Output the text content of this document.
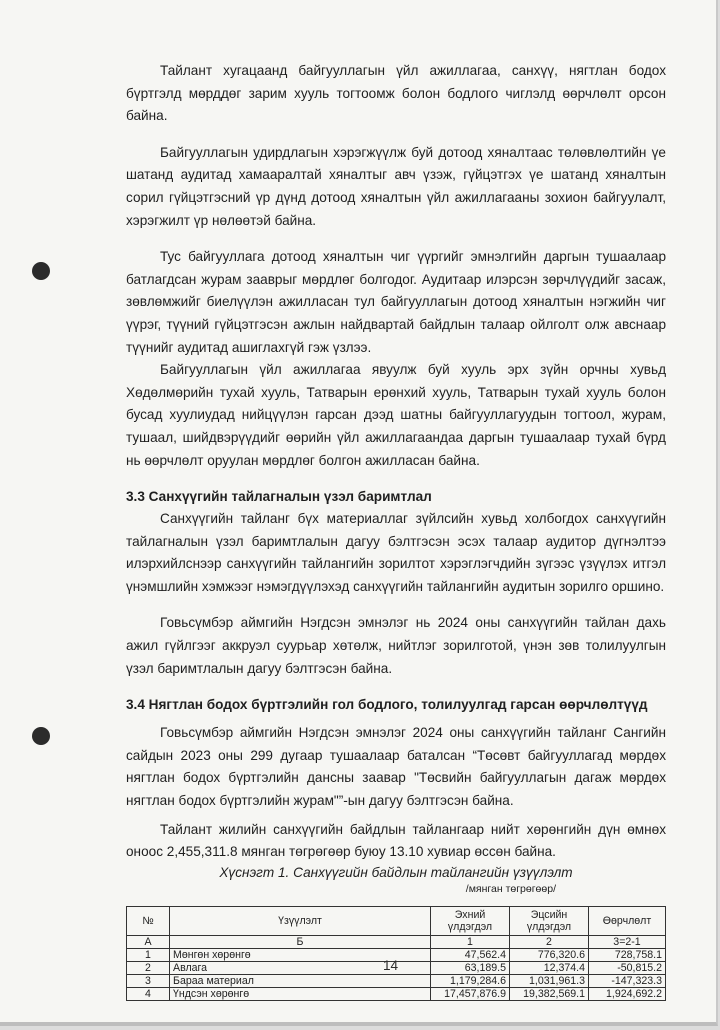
Тайлант хугацаанд байгууллагын үйл ажиллагаа, санхүү, нягтлан бодох бүртгэлд мөрддөг зарим хууль тогтоомж болон бодлого чиглэлд өөрчлөлт орсон байна.

Байгууллагын удирдлагын хэрэгжүүлж буй дотоод хяналтаас төлөвлөлтийн үе шатанд аудитад хамааралтай хяналтыг авч үзэж, гүйцэтгэх үе шатанд хяналтын сорил гүйцэтгэсний үр дүнд дотоод хяналтын үйл ажиллагааны зохион байгуулалт, хэрэгжилт үр нөлөөтэй байна.

Тус байгууллага дотоод хяналтын чиг үүргийг эмнэлгийн даргын тушаалаар батлагдсан журам зааврыг мөрдлөг болгодог. Аудитаар илэрсэн зөрчлүүдийг засаж, зөвлөмжийг биелүүлэн ажилласан тул байгууллагын дотоод хяналтын нэгжийн чиг үүрэг, түүний гүйцэтгэсэн ажлын найдвартай байдлын талаар ойлголт олж авснаар түүнийг аудитад ашиглахгүй гэж үзлээ.

Байгууллагын үйл ажиллагаа явуулж буй хууль эрх зүйн орчны хувьд Хөдөлмөрийн тухай хууль, Татварын ерөнхий хууль, Татварын тухай хууль болон бусад хуулиудад нийцүүлэн гарсан дээд шатны байгууллагуудын тогтоол, журам, тушаал, шийдвэрүүдийг өөрийн үйл ажиллагаандаа даргын тушаалаар тухай бүрд нь өөрчлөлт оруулан мөрдлөг болгон ажилласан байна.

3.3 Санхүүгийн тайлагналын үзэл баримтлал

Санхүүгийн тайланг бүх материаллаг зүйлсийн хувьд холбогдох санхүүгийн тайлагналын үзэл баримтлалын дагуу бэлтгэсэн эсэх талаар аудитор дүгнэлтээ илэрхийлснээр санхүүгийн тайлангийн зорилтот хэрэглэгчдийн зүгээс үзүүлэх итгэл үнэмшлийн хэмжээг нэмэгдүүлэхэд санхүүгийн тайлангийн аудитын зорилго оршино.

Говьсүмбэр аймгийн Нэгдсэн эмнэлэг нь 2024 оны санхүүгийн тайлан дахь ажил гүйлгээг аккруэл суурьар хөтөлж, нийтлэг зорилготой, үнэн зөв толилуулгын үзэл баримтлалын дагуу бэлтгэсэн байна.

3.4 Нягтлан бодох бүртгэлийн гол бодлого, толилуулгад гарсан өөрчлөлтүүд

Говьсүмбэр аймгийн Нэгдсэн эмнэлэг 2024 оны санхүүгийн тайланг Сангийн сайдын 2023 оны 299 дугаар тушаалаар баталсан “Төсөвт байгууллагад мөрдөх нягтлан бодох бүртгэлийн дансны заавар "Төсвийн байгууллагын дагаж мөрдөх нягтлан бодох бүртгэлийн журам"”-ын дагуу бэлтгэсэн байна.

Тайлант жилийн санхүүгийн байдлын тайлангаар нийт хөрөнгийн дүн өмнөх оноос 2,455,311.8 мянган төгрөгөөр буюу 13.10 хувиар өссөн байна.

Хүснэгт 1. Санхүүгийн байдлын тайлангийн үзүүлэлт
/мянган төгрөгөөр/
№	Үзүүлэлт	Эхний үлдэгдэл	Эцсийн үлдэгдэл	Өөрчлөлт
А	Б	1	2	3=2-1
1	Мөнгөн хөрөнгө	47,562.4	776,320.6	728,758.1
2	Авлага	63,189.5	12,374.4	-50,815.2
3	Бараа материал	1,179,284.6	1,031,961.3	-147,323.3
4	Үндсэн хөрөнгө	17,457,876.9	19,382,569.1	1,924,692.2
14
